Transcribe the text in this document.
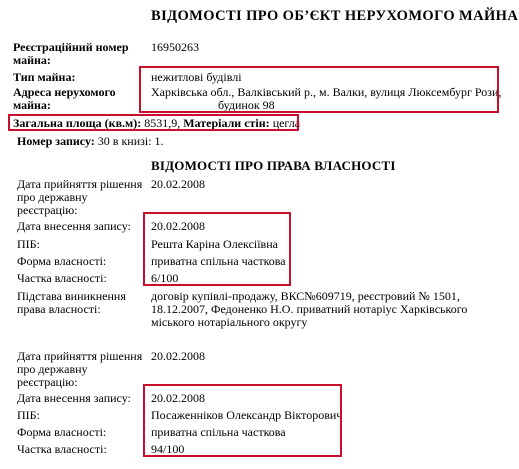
ВІДОМОСТІ ПРО ОБ’ЄКТ НЕРУХОМОГО МАЙНА
Реєстраційний номер
майна:
16950263
Тип майна:	нежитлові будівлі
Адреса нерухомого
майна:
Харківська обл., Валківський р., м. Валки, вулиця Люксембург Рози,
будинок 98
Загальна площа (кв.м): 8531,9, Матеріали стін: цегла
Номер запису: 30 в книзі: 1.
ВІДОМОСТІ ПРО ПРАВА ВЛАСНОСТІ
Дата прийняття рішення
про державну
реєстрацію:
20.02.2008
Дата внесення запису: 20.02.2008
ПІБ:	Решта Каріна Олексіївна
Форма власності:	приватна спільна часткова
Частка власності:	6/100
Підстава виникнення
права власності:
договір купівлі-продажу, ВКС№609719, реєстровий № 1501,
18.12.2007, Федоненко Н.О. приватний нотаріус Харківського
міського нотаріального округу
Дата прийняття рішення
про державну
реєстрацію:
20.02.2008
Дата внесення запису: 20.02.2008
ПІБ:	Посаженніков Олександр Вікторович
Форма власності:	приватна спільна часткова
Частка власності:	94/100
